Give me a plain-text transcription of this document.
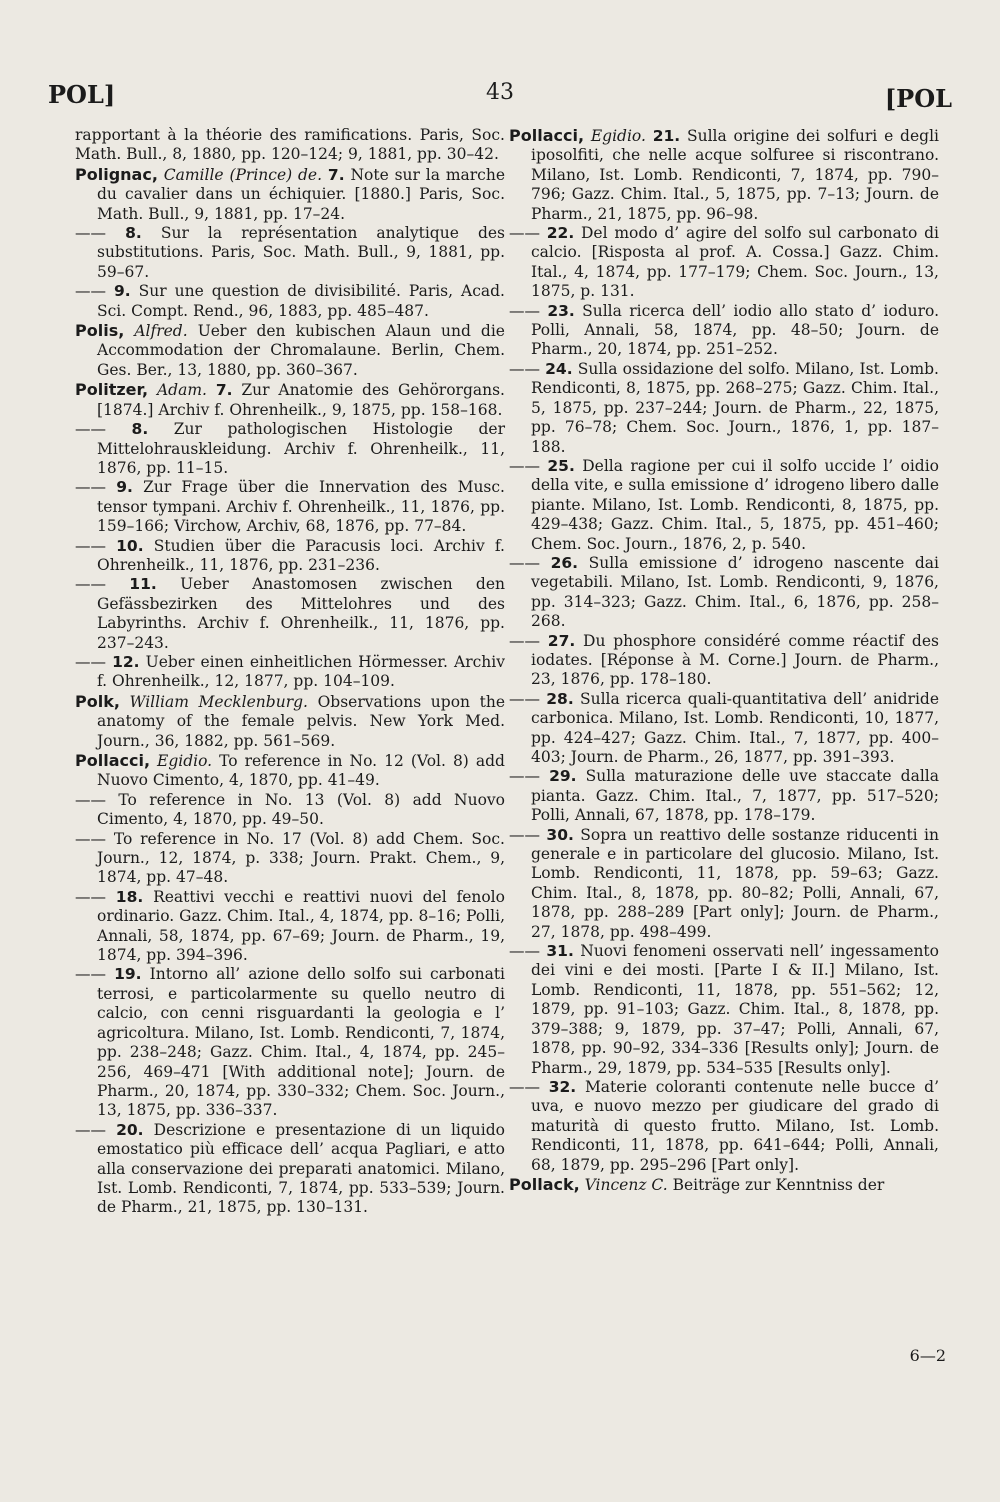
POL]	43	[POL

rapportant à la théorie des ramifications. Paris, Soc. Math. Bull., 8, 1880, pp. 120–124; 9, 1881, pp. 30–42.

Polignac, Camille (Prince) de. 7. Note sur la marche du cavalier dans un échiquier. [1880.] Paris, Soc. Math. Bull., 9, 1881, pp. 17–24.

—— 8. Sur la représentation analytique des substitutions. Paris, Soc. Math. Bull., 9, 1881, pp. 59–67.

—— 9. Sur une question de divisibilité. Paris, Acad. Sci. Compt. Rend., 96, 1883, pp. 485–487.

Polis, Alfred. Ueber den kubischen Alaun und die Accommodation der Chromalaune. Berlin, Chem. Ges. Ber., 13, 1880, pp. 360–367.

Politzer, Adam. 7. Zur Anatomie des Gehörorgans. [1874.] Archiv f. Ohrenheilk., 9, 1875, pp. 158–168.

—— 8. Zur pathologischen Histologie der Mittelohrauskleidung. Archiv f. Ohrenheilk., 11, 1876, pp. 11–15.

—— 9. Zur Frage über die Innervation des Musc. tensor tympani. Archiv f. Ohrenheilk., 11, 1876, pp. 159–166; Virchow, Archiv, 68, 1876, pp. 77–84.

—— 10. Studien über die Paracusis loci. Archiv f. Ohrenheilk., 11, 1876, pp. 231–236.

—— 11. Ueber Anastomosen zwischen den Gefässbezirken des Mittelohres und des Labyrinths. Archiv f. Ohrenheilk., 11, 1876, pp. 237–243.

—— 12. Ueber einen einheitlichen Hörmesser. Archiv f. Ohrenheilk., 12, 1877, pp. 104–109.

Polk, William Mecklenburg. Observations upon the anatomy of the female pelvis. New York Med. Journ., 36, 1882, pp. 561–569.

Pollacci, Egidio. To reference in No. 12 (Vol. 8) add Nuovo Cimento, 4, 1870, pp. 41–49.

—— To reference in No. 13 (Vol. 8) add Nuovo Cimento, 4, 1870, pp. 49–50.

—— To reference in No. 17 (Vol. 8) add Chem. Soc. Journ., 12, 1874, p. 338; Journ. Prakt. Chem., 9, 1874, pp. 47–48.

—— 18. Reattivi vecchi e reattivi nuovi del fenolo ordinario. Gazz. Chim. Ital., 4, 1874, pp. 8–16; Polli, Annali, 58, 1874, pp. 67–69; Journ. de Pharm., 19, 1874, pp. 394–396.

—— 19. Intorno all’ azione dello solfo sui carbonati terrosi, e particolarmente su quello neutro di calcio, con cenni risguardanti la geologia e l’ agricoltura. Milano, Ist. Lomb. Rendiconti, 7, 1874, pp. 238–248; Gazz. Chim. Ital., 4, 1874, pp. 245–256, 469–471 [With additional note]; Journ. de Pharm., 20, 1874, pp. 330–332; Chem. Soc. Journ., 13, 1875, pp. 336–337.

—— 20. Descrizione e presentazione di un liquido emostatico più efficace dell’ acqua Pagliari, e atto alla conservazione dei preparati anatomici. Milano, Ist. Lomb. Rendiconti, 7, 1874, pp. 533–539; Journ. de Pharm., 21, 1875, pp. 130–131.

Pollacci, Egidio. 21. Sulla origine dei solfuri e degli iposolfiti, che nelle acque solfuree si riscontrano. Milano, Ist. Lomb. Rendiconti, 7, 1874, pp. 790–796; Gazz. Chim. Ital., 5, 1875, pp. 7–13; Journ. de Pharm., 21, 1875, pp. 96–98.

—— 22. Del modo d’ agire del solfo sul carbonato di calcio. [Risposta al prof. A. Cossa.] Gazz. Chim. Ital., 4, 1874, pp. 177–179; Chem. Soc. Journ., 13, 1875, p. 131.

—— 23. Sulla ricerca dell’ iodio allo stato d’ ioduro. Polli, Annali, 58, 1874, pp. 48–50; Journ. de Pharm., 20, 1874, pp. 251–252.

—— 24. Sulla ossidazione del solfo. Milano, Ist. Lomb. Rendiconti, 8, 1875, pp. 268–275; Gazz. Chim. Ital., 5, 1875, pp. 237–244; Journ. de Pharm., 22, 1875, pp. 76–78; Chem. Soc. Journ., 1876, 1, pp. 187–188.

—— 25. Della ragione per cui il solfo uccide l’ oidio della vite, e sulla emissione d’ idrogeno libero dalle piante. Milano, Ist. Lomb. Rendiconti, 8, 1875, pp. 429–438; Gazz. Chim. Ital., 5, 1875, pp. 451–460; Chem. Soc. Journ., 1876, 2, p. 540.

—— 26. Sulla emissione d’ idrogeno nascente dai vegetabili. Milano, Ist. Lomb. Rendiconti, 9, 1876, pp. 314–323; Gazz. Chim. Ital., 6, 1876, pp. 258–268.

—— 27. Du phosphore considéré comme réactif des iodates. [Réponse à M. Corne.] Journ. de Pharm., 23, 1876, pp. 178–180.

—— 28. Sulla ricerca quali-quantitativa dell’ anidride carbonica. Milano, Ist. Lomb. Rendiconti, 10, 1877, pp. 424–427; Gazz. Chim. Ital., 7, 1877, pp. 400–403; Journ. de Pharm., 26, 1877, pp. 391–393.

—— 29. Sulla maturazione delle uve staccate dalla pianta. Gazz. Chim. Ital., 7, 1877, pp. 517–520; Polli, Annali, 67, 1878, pp. 178–179.

—— 30. Sopra un reattivo delle sostanze riducenti in generale e in particolare del glucosio. Milano, Ist. Lomb. Rendiconti, 11, 1878, pp. 59–63; Gazz. Chim. Ital., 8, 1878, pp. 80–82; Polli, Annali, 67, 1878, pp. 288–289 [Part only]; Journ. de Pharm., 27, 1878, pp. 498–499.

—— 31. Nuovi fenomeni osservati nell’ ingessamento dei vini e dei mosti. [Parte I & II.] Milano, Ist. Lomb. Rendiconti, 11, 1878, pp. 551–562; 12, 1879, pp. 91–103; Gazz. Chim. Ital., 8, 1878, pp. 379–388; 9, 1879, pp. 37–47; Polli, Annali, 67, 1878, pp. 90–92, 334–336 [Results only]; Journ. de Pharm., 29, 1879, pp. 534–535 [Results only].

—— 32. Materie coloranti contenute nelle bucce d’ uva, e nuovo mezzo per giudicare del grado di maturità di questo frutto. Milano, Ist. Lomb. Rendiconti, 11, 1878, pp. 641–644; Polli, Annali, 68, 1879, pp. 295–296 [Part only].

Pollack, Vincenz C. Beiträge zur Kenntniss der

6—2
